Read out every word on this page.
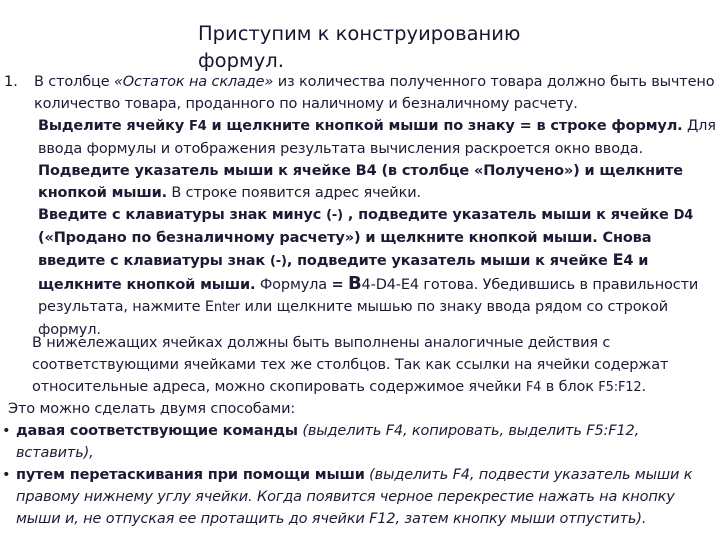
Приступим к конструированию формул.
1. В столбце «Остаток на складе» из количества полученного товара должно быть вычтено количество товара, проданного по наличному и безналичному расчету.
Выделите ячейку F4 и щелкните кнопкой мыши по знаку = в строке формул. Для ввода формулы и отображения результата вычисления раскроется окно ввода.Подведите указатель мыши к ячейке B4 (в столбце «Получено») и щелкните кнопкой мыши. В строке появится адрес ячейки.
Введите с клавиатуры знак минус (-) , подведите указатель мыши к ячейке D4 («Продано по безналичному расчету») и щелкните кнопкой мыши. Снова введите с клавиатуры знак (-), подведите указатель мыши к ячейке E4 и щелкните кнопкой мыши. Формула = B4-D4-E4 готова. Убедившись в правильности результата, нажмите Enter или щелкните мышью по знаку ввода рядом со строкой формул.
В нижележащих ячейках должны быть выполнены аналогичные действия с соответствующими ячейками тех же столбцов. Так как ссылки на ячейки содержат относительные адреса, можно скопировать содержимое ячейки F4 в блок F5:F12.
Это можно сделать двумя способами:
• давая соответствующие команды (выделить F4, копировать, выделить F5:F12, вставить),
• путем перетаскивания при помощи мыши (выделить F4, подвести указатель мыши к правому нижнему углу ячейки. Когда появится черное перекрестие нажать на кнопку мыши и, не отпуская ее протащить до ячейки F12, затем кнопку мыши отпустить).
